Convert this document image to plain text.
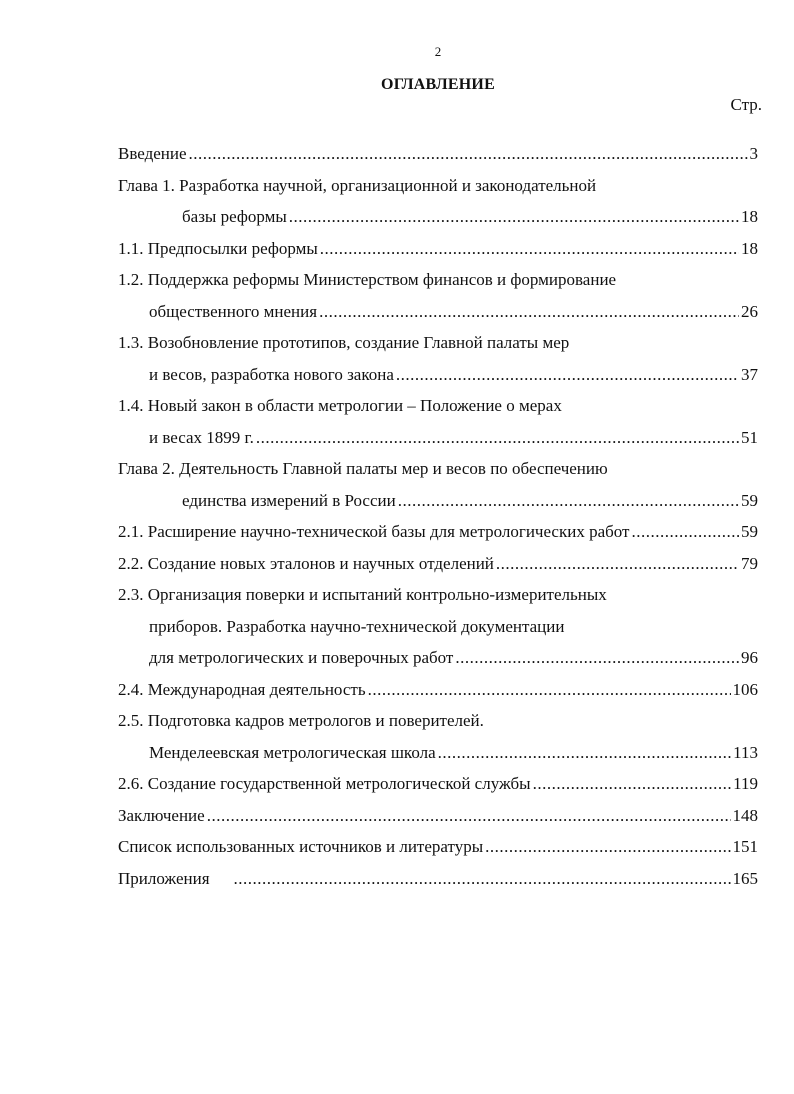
2
ОГЛАВЛЕНИЕ
Стр.
Введение .....	3
Глава 1. Разработка научной, организационной и законодательной
базы реформы .....	18
1.1. Предпосылки реформы .....	18
1.2. Поддержка реформы Министерством финансов и формирование
общественного мнения .....	26
1.3. Возобновление прототипов, создание Главной палаты мер
и весов, разработка нового закона .....	37
1.4. Новый закон в области метрологии – Положение о мерах
и весах 1899 г. .....	51
Глава 2. Деятельность Главной палаты мер и весов по обеспечению
единства измерений в России .....	59
2.1. Расширение научно-технической базы для метрологических работ .....	59
2.2. Создание новых эталонов и научных отделений .....	79
2.3. Организация поверки и испытаний контрольно-измерительных
приборов. Разработка научно-технической документации
для метрологических и поверочных работ .....	96
2.4. Международная деятельность .....	106
2.5. Подготовка кадров метрологов и поверителей.
Менделеевская метрологическая школа .....	113
2.6. Создание государственной метрологической службы .....	119
Заключение .....	148
Список использованных источников и литературы .....	151
Приложения .....	165
